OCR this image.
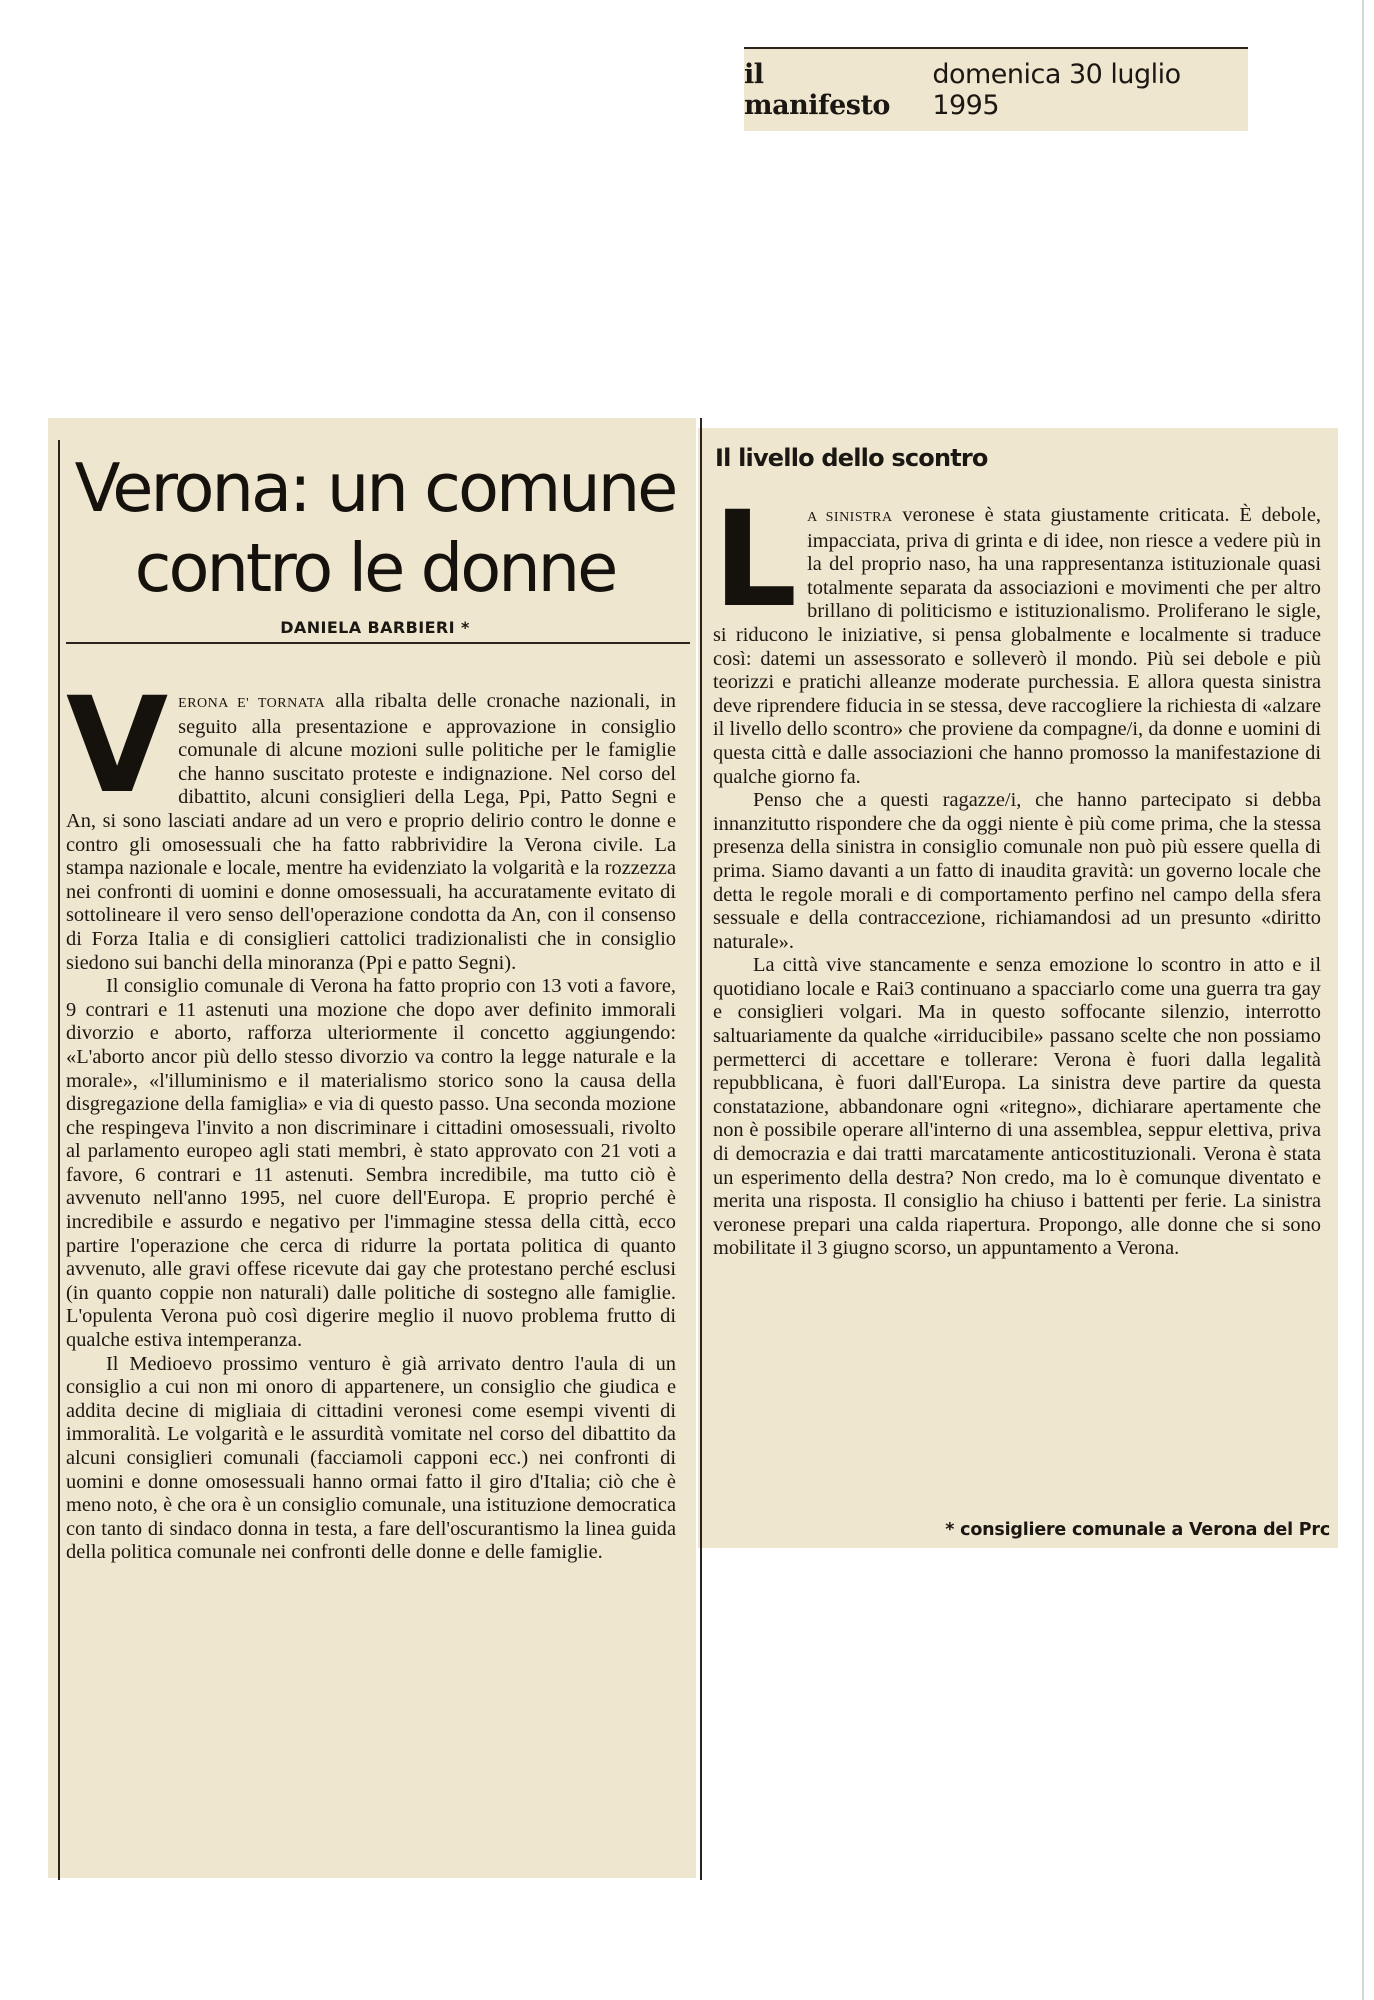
il manifesto
domenica 30 luglio 1995
Verona: un comune contro le donne
DANIELA BARBIERI *

VERONA E' TORNATA alla ribalta delle cronache nazionali, in seguito alla presentazione e approvazione in consiglio comunale di alcune mozioni sulle politiche per le famiglie che hanno suscitato proteste e indignazione. Nel corso del dibattito, alcuni consiglieri della Lega, Ppi, Patto Segni e An, si sono lasciati andare ad un vero e proprio delirio contro le donne e contro gli omosessuali che ha fatto rabbrividire la Verona civile. La stampa nazionale e locale, mentre ha evidenziato la volgarità e la rozzezza nei confronti di uomini e donne omosessuali, ha accuratamente evitato di sottolineare il vero senso dell'operazione condotta da An, con il consenso di Forza Italia e di consiglieri cattolici tradizionalisti che in consiglio siedono sui banchi della minoranza (Ppi e patto Segni).

Il consiglio comunale di Verona ha fatto proprio con 13 voti a favore, 9 contrari e 11 astenuti una mozione che dopo aver definito immorali divorzio e aborto, rafforza ulteriormente il concetto aggiungendo: «L'aborto ancor più dello stesso divorzio va contro la legge naturale e la morale», «l'illuminismo e il materialismo storico sono la causa della disgregazione della famiglia» e via di questo passo. Una seconda mozione che respingeva l'invito a non discriminare i cittadini omosessuali, rivolto al parlamento europeo agli stati membri, è stato approvato con 21 voti a favore, 6 contrari e 11 astenuti. Sembra incredibile, ma tutto ciò è avvenuto nell'anno 1995, nel cuore dell'Europa. E proprio perché è incredibile e assurdo e negativo per l'immagine stessa della città, ecco partire l'operazione che cerca di ridurre la portata politica di quanto avvenuto, alle gravi offese ricevute dai gay che protestano perché esclusi (in quanto coppie non naturali) dalle politiche di sostegno alle famiglie. L'opulenta Verona può così digerire meglio il nuovo problema frutto di qualche estiva intemperanza.

Il Medioevo prossimo venturo è già arrivato dentro l'aula di un consiglio a cui non mi onoro di appartenere, un consiglio che giudica e addita decine di migliaia di cittadini veronesi come esempi viventi di immoralità. Le volgarità e le assurdità vomitate nel corso del dibattito da alcuni consiglieri comunali (facciamoli capponi ecc.) nei confronti di uomini e donne omosessuali hanno ormai fatto il giro d'Italia; ciò che è meno noto, è che ora è un consiglio comunale, una istituzione democratica con tanto di sindaco donna in testa, a fare dell'oscurantismo la linea guida della politica comunale nei confronti delle donne e delle famiglie.

Il livello dello scontro

L A SINISTRA veronese è stata giustamente criticata. È debole, impacciata, priva di grinta e di idee, non riesce a vedere più in la del proprio naso, ha una rappresentanza istituzionale quasi totalmente separata da associazioni e movimenti che per altro brillano di politicismo e istituzionalismo. Proliferano le sigle, si riducono le iniziative, si pensa globalmente e localmente si traduce così: datemi un assessorato e solleverò il mondo. Più sei debole e più teorizzi e pratichi alleanze moderate purchessia. E allora questa sinistra deve riprendere fiducia in se stessa, deve raccogliere la richiesta di «alzare il livello dello scontro» che proviene da compagne/i, da donne e uomini di questa città e dalle associazioni che hanno promosso la manifestazione di qualche giorno fa.

Penso che a questi ragazze/i, che hanno partecipato si debba innanzitutto rispondere che da oggi niente è più come prima, che la stessa presenza della sinistra in consiglio comunale non può più essere quella di prima. Siamo davanti a un fatto di inaudita gravità: un governo locale che detta le regole morali e di comportamento perfino nel campo della sfera sessuale e della contraccezione, richiamandosi ad un presunto «diritto naturale».

La città vive stancamente e senza emozione lo scontro in atto e il quotidiano locale e Rai3 continuano a spacciarlo come una guerra tra gay e consiglieri volgari. Ma in questo soffocante silenzio, interrotto saltuariamente da qualche «irriducibile» passano scelte che non possiamo permetterci di accettare e tollerare: Verona è fuori dalla legalità repubblicana, è fuori dall'Europa. La sinistra deve partire da questa constatazione, abbandonare ogni «ritegno», dichiarare apertamente che non è possibile operare all'interno di una assemblea, seppur elettiva, priva di democrazia e dai tratti marcatamente anticostituzionali. Verona è stata un esperimento della destra? Non credo, ma lo è comunque diventato e merita una risposta. Il consiglio ha chiuso i battenti per ferie. La sinistra veronese prepari una calda riapertura. Propongo, alle donne che si sono mobilitate il 3 giugno scorso, un appuntamento a Verona.

* consigliere comunale a Verona del Prc
